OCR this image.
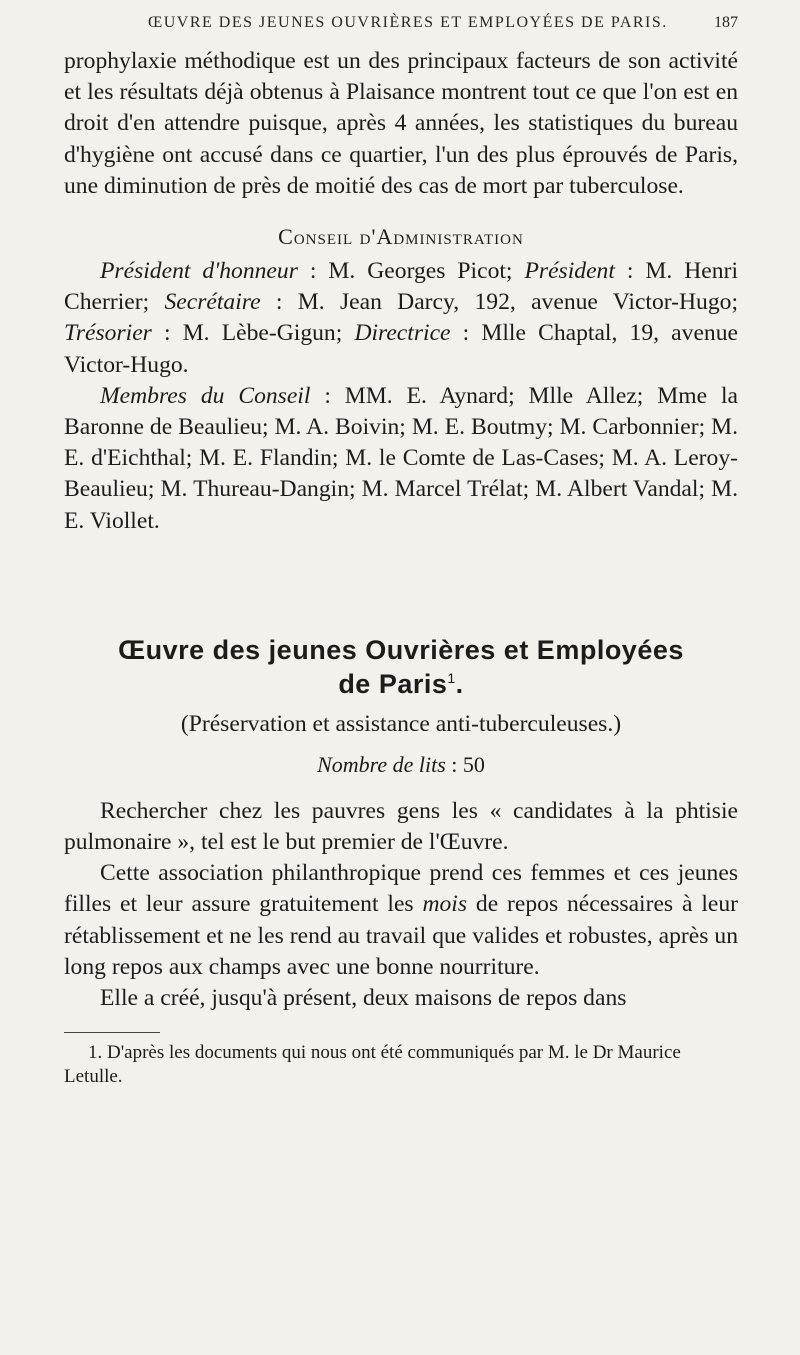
ŒUVRE DES JEUNES OUVRIÈRES ET EMPLOYÉES DE PARIS.	187

prophylaxie méthodique est un des principaux facteurs de son activité et les résultats déjà obtenus à Plaisance montrent tout ce que l'on est en droit d'en attendre puisque, après 4 années, les statistiques du bureau d'hygiène ont accusé dans ce quartier, l'un des plus éprouvés de Paris, une diminution de près de moitié des cas de mort par tuberculose.

Conseil d'Administration

Président d'honneur : M. Georges Picot; Président : M. Henri Cherrier; Secrétaire : M. Jean Darcy, 192, avenue Victor-Hugo; Trésorier : M. Lèbe-Gigun; Directrice : Mlle Chaptal, 19, avenue Victor-Hugo.

Membres du Conseil : MM. E. Aynard; Mlle Allez; Mme la Baronne de Beaulieu; M. A. Boivin; M. E. Boutmy; M. Carbonnier; M. E. d'Eichthal; M. E. Flandin; M. le Comte de Las-Cases; M. A. Leroy-Beaulieu; M. Thureau-Dangin; M. Marcel Trélat; M. Albert Vandal; M. E. Viollet.

Œuvre des jeunes Ouvrières et Employées
de Paris$^1$.
(Préservation et assistance anti-tuberculeuses.)
Nombre de lits : 50

Rechercher chez les pauvres gens les « candidates à la phtisie pulmonaire », tel est le but premier de l'Œuvre.

Cette association philanthropique prend ces femmes et ces jeunes filles et leur assure gratuitement les mois de repos nécessaires à leur rétablissement et ne les rend au travail que valides et robustes, après un long repos aux champs avec une bonne nourriture.

Elle a créé, jusqu'à présent, deux maisons de repos dans

1. D'après les documents qui nous ont été communiqués par M. le Dr Maurice Letulle.
